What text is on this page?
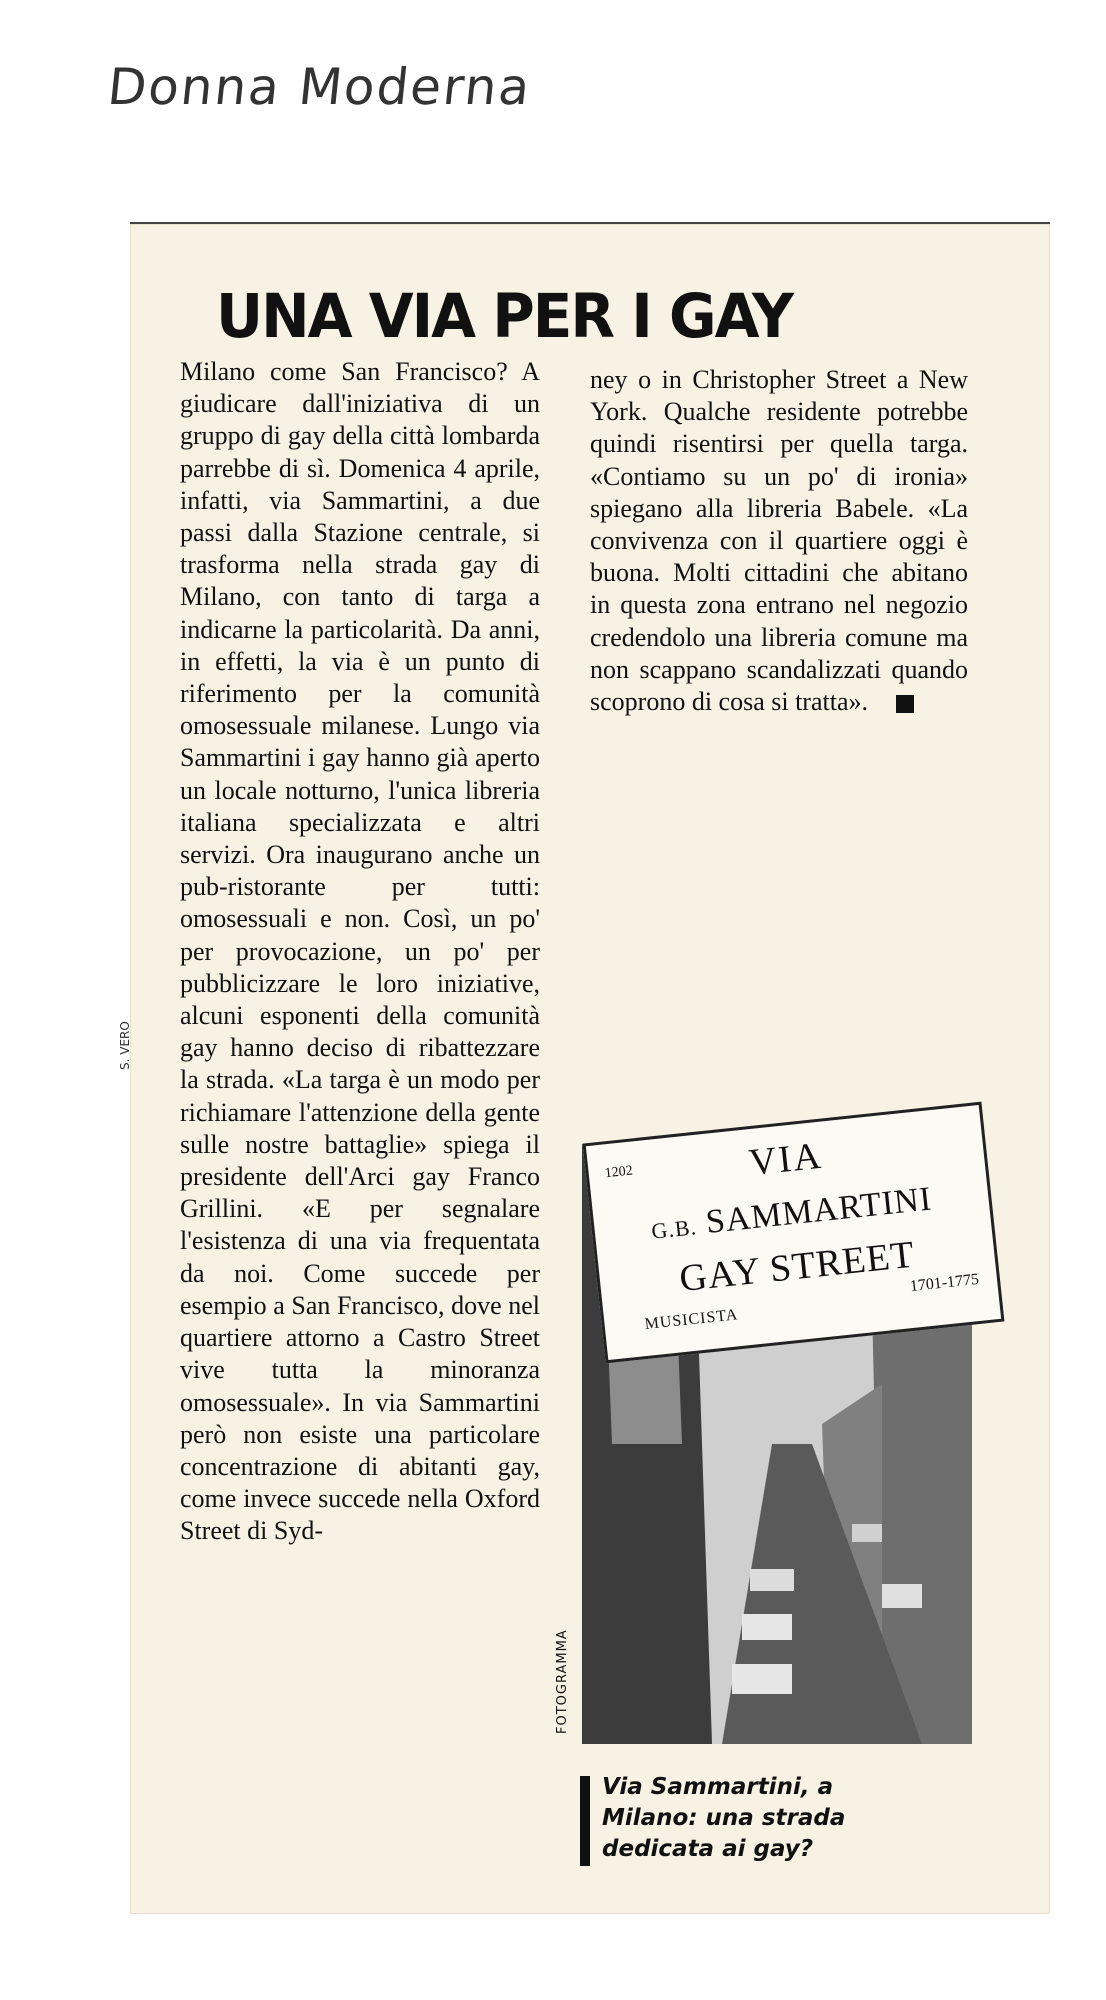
Donna Moderna
UNA VIA PER I GAY

Milano come San Francisco? A giudicare dall'iniziativa di un gruppo di gay della città lombarda parrebbe di sì. Domenica 4 aprile, infatti, via Sammartini, a due passi dalla Stazione centrale, si trasforma nella strada gay di Milano, con tanto di targa a indicarne la particolarità. Da anni, in effetti, la via è un punto di riferimento per la comunità omosessuale milanese. Lungo via Sammartini i gay hanno già aperto un locale notturno, l'unica libreria italiana specializzata e altri servizi. Ora inaugurano anche un pub-ristorante per tutti: omosessuali e non. Così, un po' per provocazione, un po' per pubblicizzare le loro iniziative, alcuni esponenti della comunità gay hanno deciso di ribattezzare la strada. «La targa è un modo per richiamare l'attenzione della gente sulle nostre battaglie» spiega il presidente dell'Arci gay Franco Grillini. «E per segnalare l'esistenza di una via frequentata da noi. Come succede per esempio a San Francisco, dove nel quartiere attorno a Castro Street vive tutta la minoranza omosessuale». In via Sammartini però non esiste una particolare concentrazione di abitanti gay, come invece succede nella Oxford Street di Syd-

ney o in Christopher Street a New York. Qualche residente potrebbe quindi risentirsi per quella targa. «Contiamo su un po' di ironia» spiegano alla libreria Babele. «La convivenza con il quartiere oggi è buona. Molti cittadini che abitano in questa zona entrano nel negozio credendolo una libreria comune ma non scappano scandalizzati quando scoprono di cosa si tratta».

1202	VIA
G.B. SAMMARTINI
GAY STREET
MUSICISTA
1701-1775
FOTOGRAMMA
Via Sammartini, a Milano: una strada dedicata ai gay?
S. VERO
